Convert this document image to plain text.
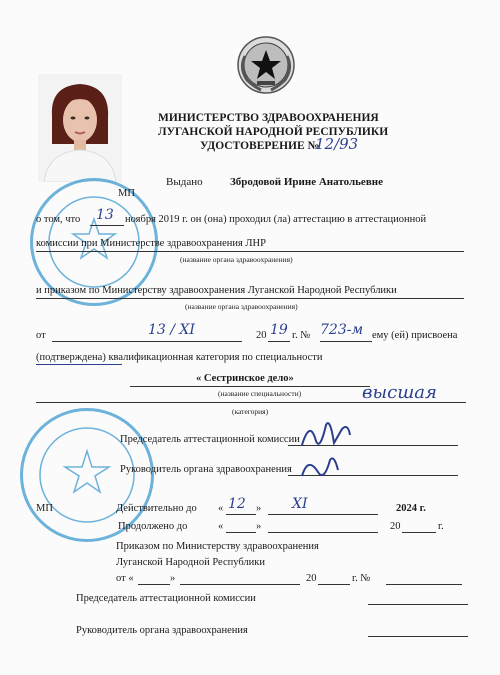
МИНИСТЕРСТВО ЗДРАВООХРАНЕНИЯ
ЛУГАНСКОЙ НАРОДНОЙ РЕСПУБЛИКИ
УДОСТОВЕРЕНИЕ №
12/93
МП
Выдано Збродовой Ирине Анатольевне
о том, что 13 ноября 2019 г. он (она) проходил (ла) аттестацию в аттестационной
комиссии при Министерстве здравоохранения ЛНР
(название органа здравоохранения)
и приказом по Министерству здравоохранения Луганской Народной Республики
(название органа здравоохранения)
от	13 / XI	20 19 г. № 723-м ему (ей) присвоена
(подтверждена) квалификационная категория по специальности
« Сестринское дело»
(название специальности)	высшая
(категория)
Председатель аттестационной комиссии
Руководитель органа здравоохранения
МП	Действительно до « 12 » XI	2024 г.
Продолжено до	«	»	20	г.
Приказом по Министерству здравоохранения
Луганской Народной Республики
от «	»	20	г. №
Председатель аттестационной комиссии
Руководитель органа здравоохранения
